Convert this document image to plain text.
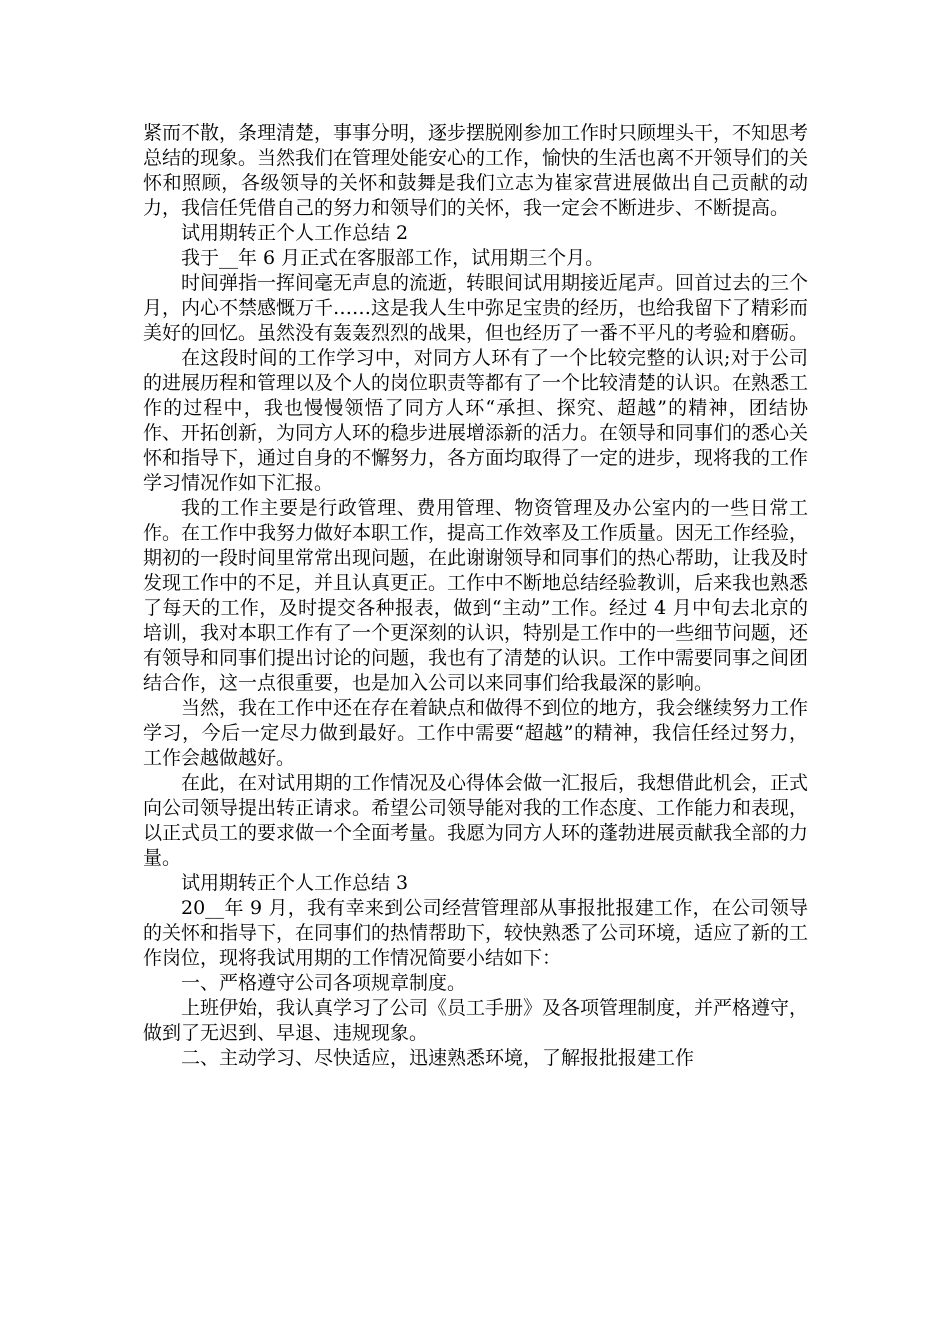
紧而不散，条理清楚，事事分明，逐步摆脱刚参加工作时只顾埋头干，不知思考总结的现象。当然我们在管理处能安心的工作，愉快的生活也离不开领导们的关怀和照顾，各级领导的关怀和鼓舞是我们立志为崔家营进展做出自己贡献的动力，我信任凭借自己的努力和领导们的关怀，我一定会不断进步、不断提高。

试用期转正个人工作总结 2

我于__年 6 月正式在客服部工作，试用期三个月。

时间弹指一挥间毫无声息的流逝，转眼间试用期接近尾声。回首过去的三个月，内心不禁感慨万千……这是我人生中弥足宝贵的经历，也给我留下了精彩而美好的回忆。虽然没有轰轰烈烈的战果，但也经历了一番不平凡的考验和磨砺。

在这段时间的工作学习中，对同方人环有了一个比较完整的认识;对于公司的进展历程和管理以及个人的岗位职责等都有了一个比较清楚的认识。在熟悉工作的过程中，我也慢慢领悟了同方人环“承担、探究、超越”的精神，团结协作、开拓创新，为同方人环的稳步进展增添新的活力。在领导和同事们的悉心关怀和指导下，通过自身的不懈努力，各方面均取得了一定的进步，现将我的工作学习情况作如下汇报。

我的工作主要是行政管理、费用管理、物资管理及办公室内的一些日常工作。在工作中我努力做好本职工作，提高工作效率及工作质量。因无工作经验，期初的一段时间里常常出现问题，在此谢谢领导和同事们的热心帮助，让我及时发现工作中的不足，并且认真更正。工作中不断地总结经验教训，后来我也熟悉了每天的工作，及时提交各种报表，做到“主动”工作。经过 4 月中旬去北京的培训，我对本职工作有了一个更深刻的认识，特别是工作中的一些细节问题，还有领导和同事们提出讨论的问题，我也有了清楚的认识。工作中需要同事之间团结合作，这一点很重要，也是加入公司以来同事们给我最深的影响。

当然，我在工作中还在存在着缺点和做得不到位的地方，我会继续努力工作学习，今后一定尽力做到最好。工作中需要“超越”的精神，我信任经过努力，工作会越做越好。

在此，在对试用期的工作情况及心得体会做一汇报后，我想借此机会，正式向公司领导提出转正请求。希望公司领导能对我的工作态度、工作能力和表现，以正式员工的要求做一个全面考量。我愿为同方人环的蓬勃进展贡献我全部的力量。

试用期转正个人工作总结 3

20__年 9 月，我有幸来到公司经营管理部从事报批报建工作，在公司领导的关怀和指导下，在同事们的热情帮助下，较快熟悉了公司环境，适应了新的工作岗位，现将我试用期的工作情况简要小结如下：

一、严格遵守公司各项规章制度。

上班伊始，我认真学习了公司《员工手册》及各项管理制度，并严格遵守，做到了无迟到、早退、违规现象。

二、主动学习、尽快适应，迅速熟悉环境，了解报批报建工作
